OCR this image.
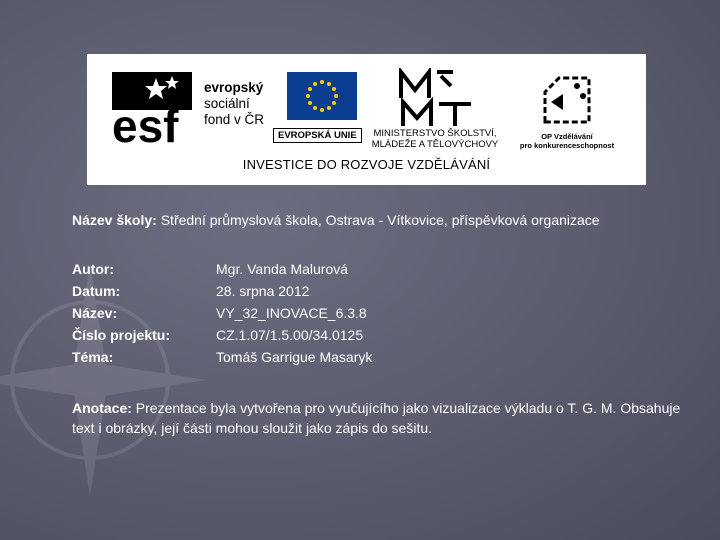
esf
evropský
sociální
fond v ČR
EVROPSKÁ UNIE	MINISTERSTVO ŠKOLSTVÍ,
MLÁDEŽE A TĚLOVÝCHOVY
OP Vzdělávání
pro konkurenceschopnost
INVESTICE DO ROZVOJE VZDĚLÁVÁNÍ
Název školy: Střední průmyslová škola, Ostrava - Vítkovice, příspěvková organizace
Autor:	Mgr. Vanda Malurová
Datum:	28. srpna 2012
Název:	VY_32_INOVACE_6.3.8
Číslo projektu:	CZ.1.07/1.5.00/34.0125
Téma:	Tomáš Garrigue Masaryk
Anotace: Prezentace byla vytvořena pro vyučujícího jako vizualizace výkladu o T. G. M. Obsahuje text i obrázky, její části mohou sloužit jako zápis do sešitu.
